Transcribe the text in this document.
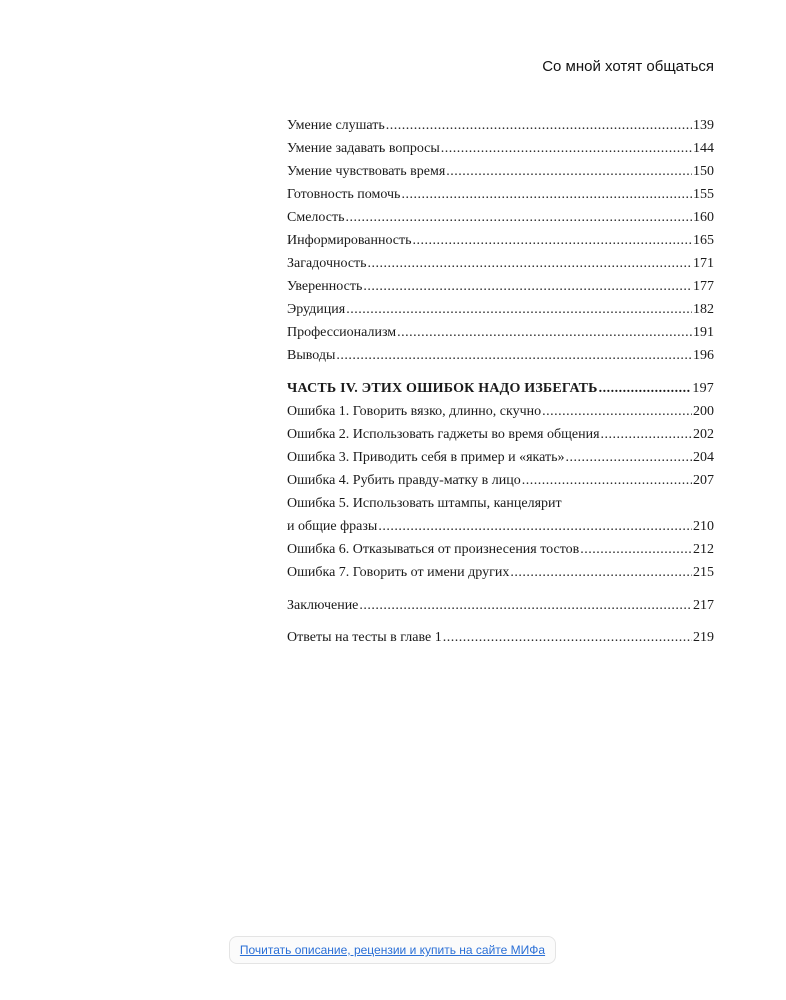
Со мной хотят общаться
Умение слушать .....	139
Умение задавать вопросы .....	144
Умение чувствовать время .....	150
Готовность помочь .....	155
Смелость .....	160
Информированность .....	165
Загадочность .....	171
Уверенность .....	177
Эрудиция .....	182
Профессионализм .....	191
Выводы .....	196
ЧАСТЬ IV. ЭТИХ ОШИБОК НАДО ИЗБЕГАТЬ .....	197
Ошибка 1. Говорить вязко, длинно, скучно .....	200
Ошибка 2. Использовать гаджеты во время общения .....	202
Ошибка 3. Приводить себя в пример и «якать» .....	204
Ошибка 4. Рубить правду-матку в лицо .....	207
Ошибка 5. Использовать штампы, канцелярит
и общие фразы .....	210
Ошибка 6. Отказываться от произнесения тостов .....	212
Ошибка 7. Говорить от имени других .....	215
Заключение .....	217
Ответы на тесты в главе 1 .....	219
Почитать описание, рецензии и купить на сайте МИФа
